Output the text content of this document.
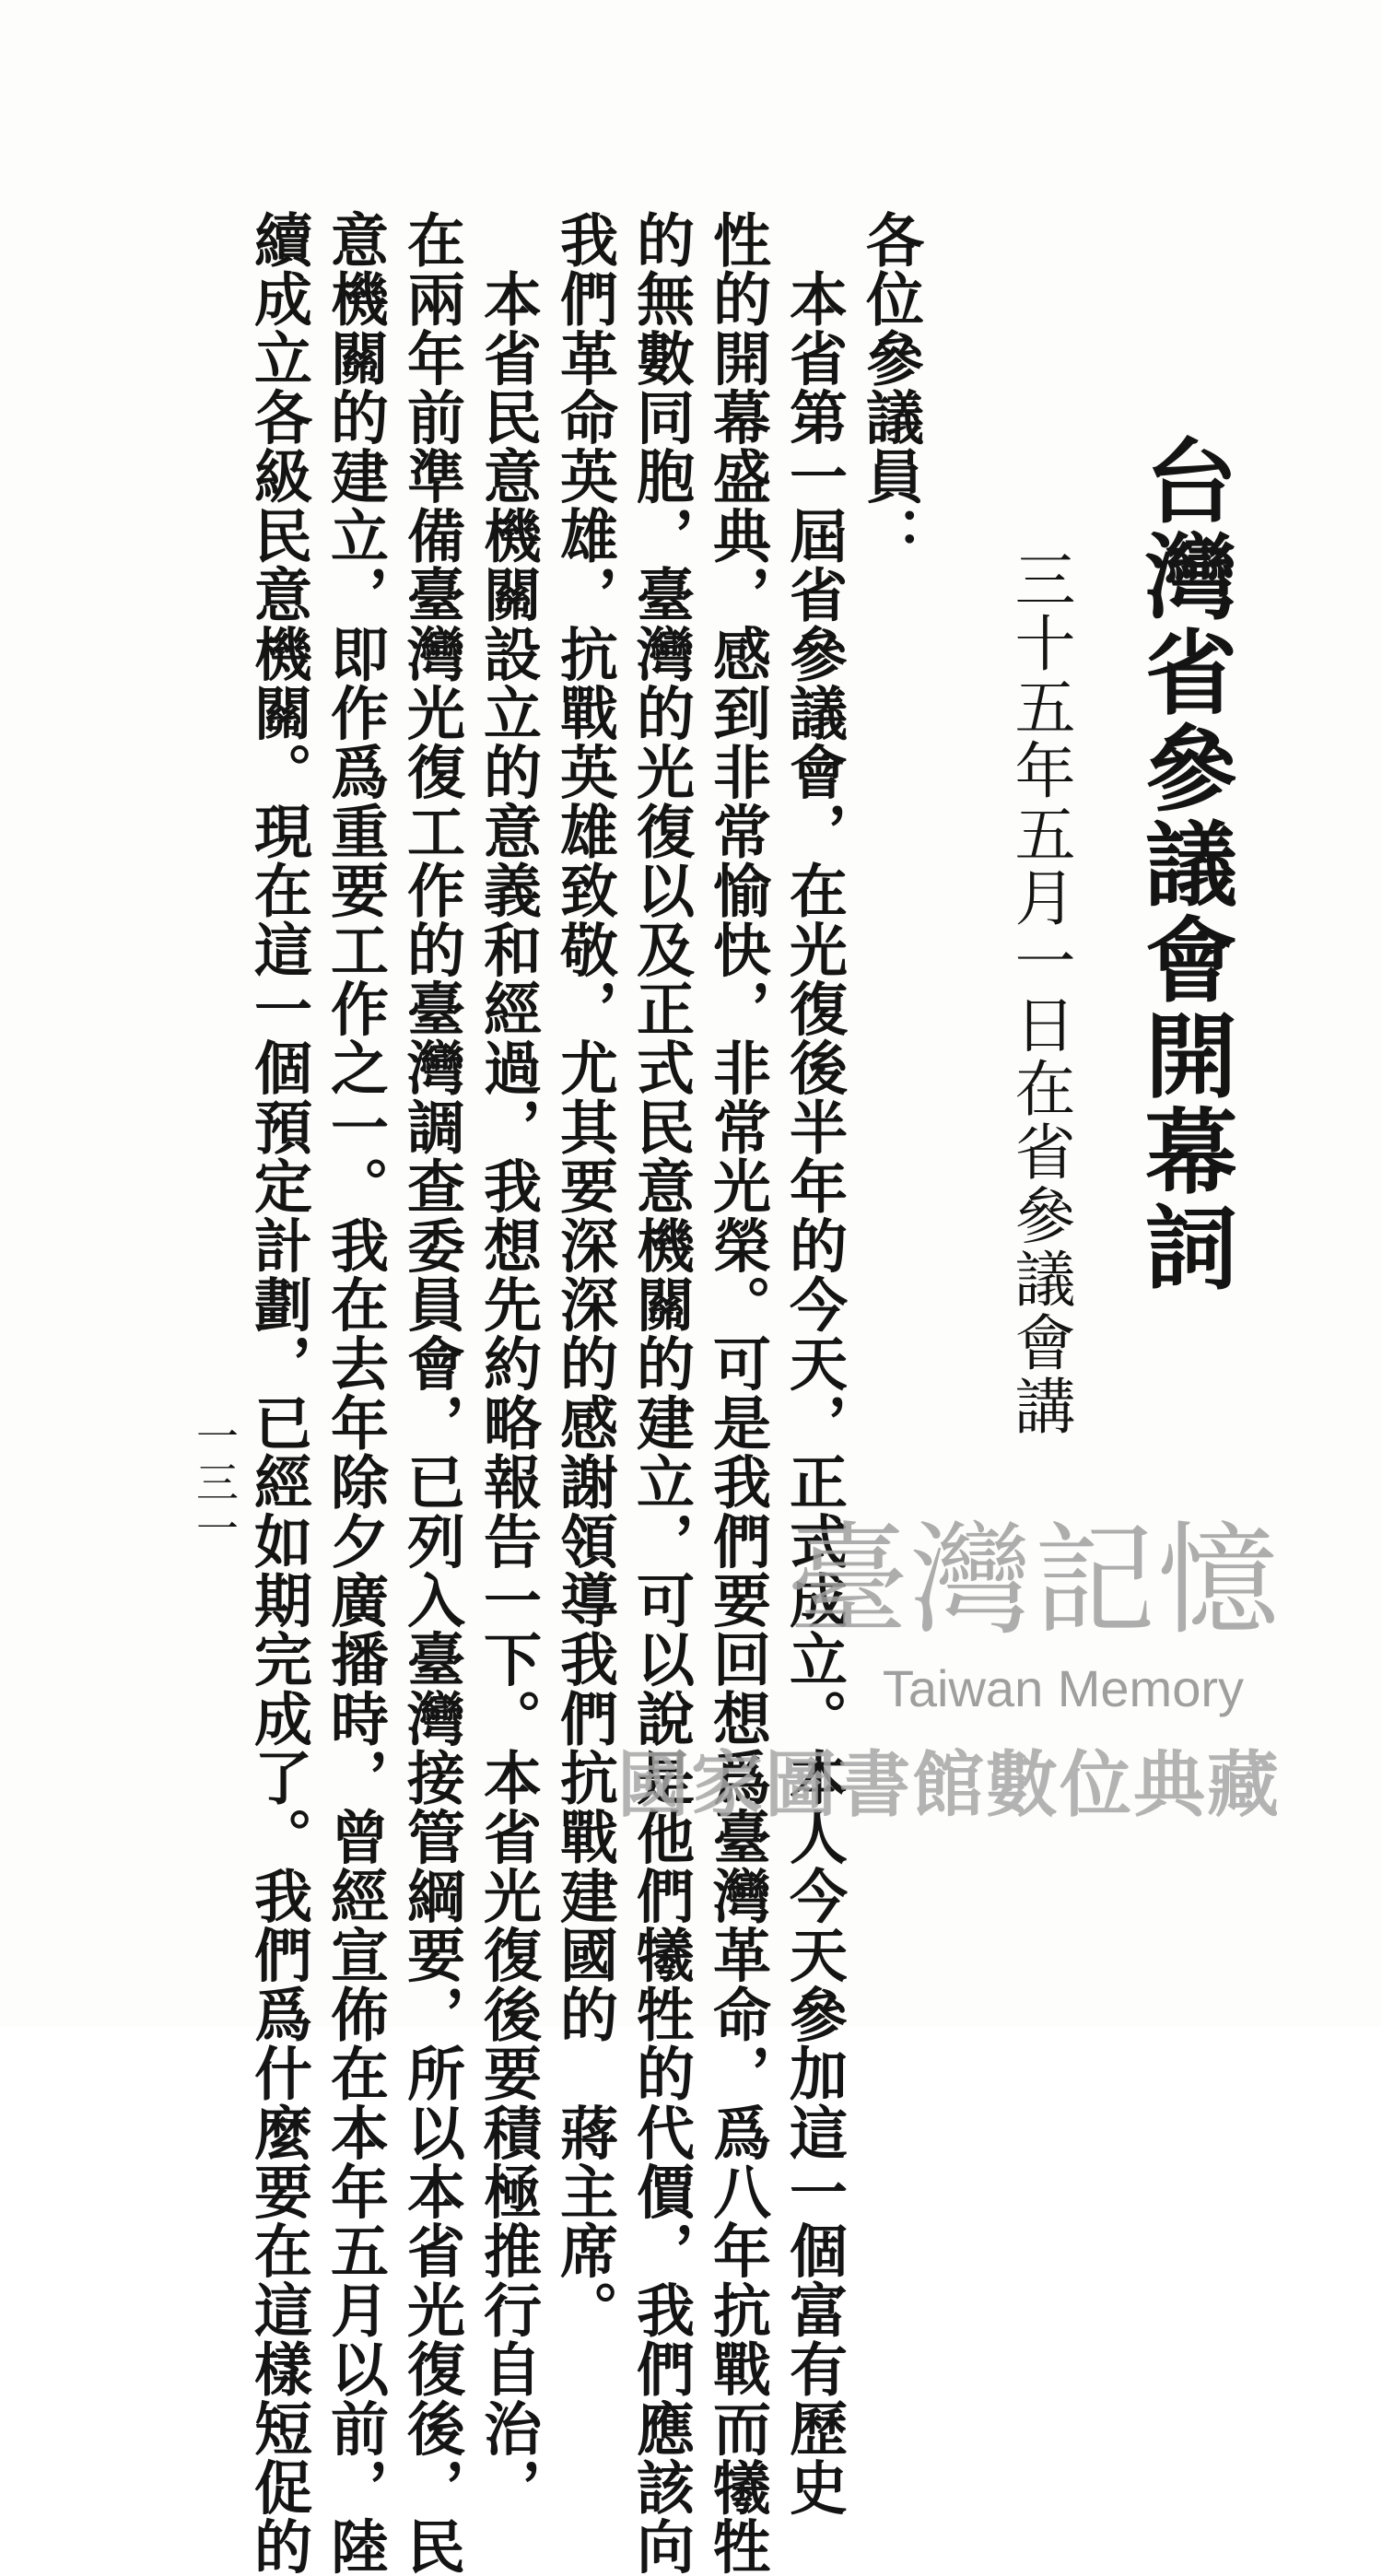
台灣省參議會開幕詞
三十五年五月一日在省參議會講
各位參議員：
　本省第一屆省參議會，在光復後半年的今天，正式成立。本人今天參加這一個富有歷史
性的開幕盛典，感到非常愉快，非常光榮。可是我們要回想爲臺灣革命，爲八年抗戰而犧牲
的無數同胞，臺灣的光復以及正式民意機關的建立，可以說是他們犧牲的代價，我們應該向
我們革命英雄，抗戰英雄致敬，尤其要深深的感謝領導我們抗戰建國的　蔣主席。
　本省民意機關設立的意義和經過，我想先約略報告一下。本省光復後要積極推行自治，
在兩年前準備臺灣光復工作的臺灣調查委員會，已列入臺灣接管綱要，所以本省光復後，民
意機關的建立，即作爲重要工作之一。我在去年除夕廣播時，曾經宣佈在本年五月以前，陸
續成立各級民意機關。現在這一個預定計劃，已經如期完成了。我們爲什麼要在這樣短促的
一三一
臺灣記憶
Taiwan Memory
國家圖書館數位典藏
